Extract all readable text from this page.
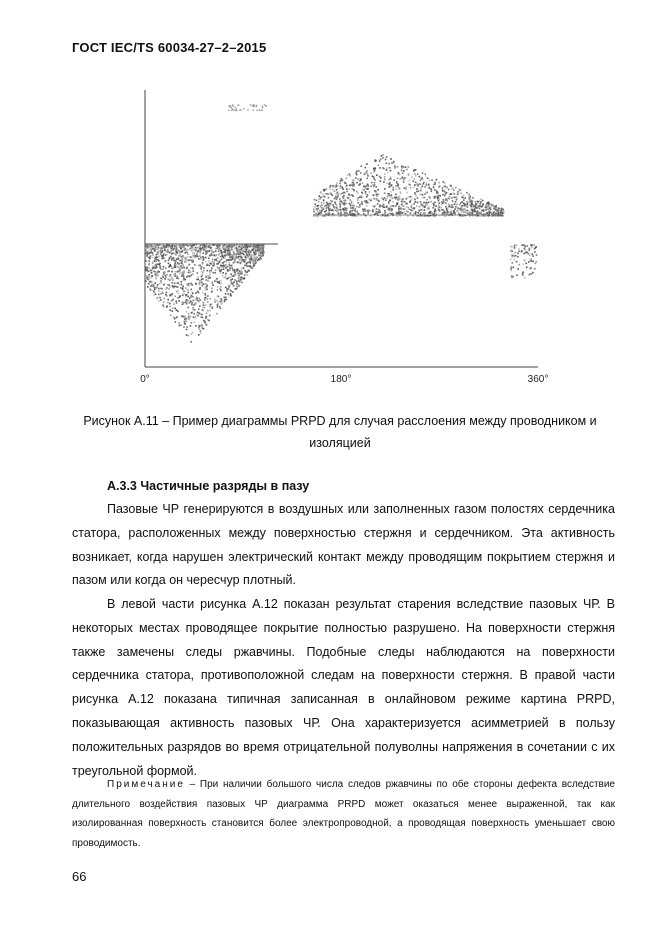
ГОСТ IEC/TS 60034-27–2–2015
0°	180°	360°
Рисунок А.11 – Пример диаграммы PRPD для случая расслоения между проводником и изоляцией
А.3.3 Частичные разряды в пазу

Пазовые ЧР генерируются в воздушных или заполненных газом полостях сердечника статора, расположенных между поверхностью стержня и сердечником. Эта активность возникает, когда нарушен электрический контакт между проводящим покрытием стержня и пазом или когда он чересчур плотный.

В левой части рисунка А.12 показан результат старения вследствие пазовых ЧР. В некоторых местах проводящее покрытие полностью разрушено. На поверхности стержня также замечены следы ржавчины. Подобные следы наблюдаются на поверхности сердечника статора, противоположной следам на поверхности стержня. В правой части рисунка А.12 показана типичная записанная в онлайновом режиме картина PRPD, показывающая активность пазовых ЧР. Она характеризуется асимметрией в пользу положительных разрядов во время отрицательной полуволны напряжения в сочетании с их треугольной формой.

Примечание – При наличии большого числа следов ржавчины по обе стороны дефекта вследствие длительного воздействия пазовых ЧР диаграмма PRPD может оказаться менее выраженной, так как изолированная поверхность становится более электропроводной, а проводящая поверхность уменьшает свою проводимость.

66
